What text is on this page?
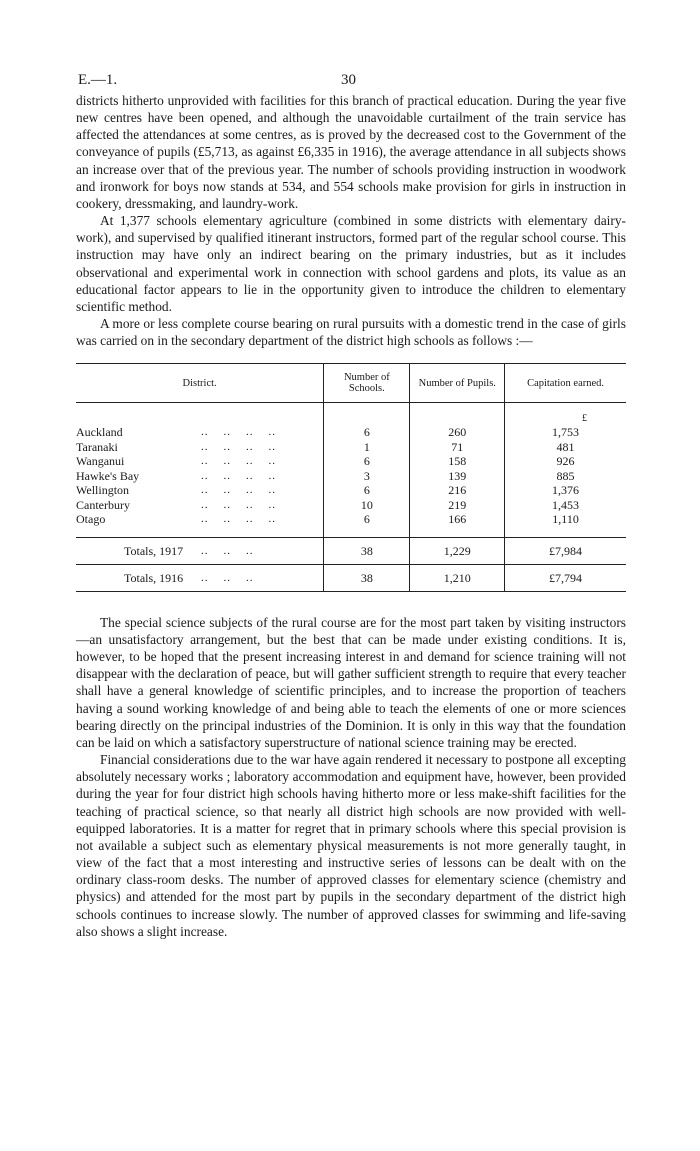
E.—1.	30

districts hitherto unprovided with facilities for this branch of practical education. During the year five new centres have been opened, and although the unavoidable curtailment of the train service has affected the attendances at some centres, as is proved by the decreased cost to the Government of the conveyance of pupils (£5,713, as against £6,335 in 1916), the average attendance in all subjects shows an increase over that of the previous year. The number of schools providing instruction in woodwork and ironwork for boys now stands at 534, and 554 schools make provision for girls in instruction in cookery, dressmaking, and laundry-work.

At 1,377 schools elementary agriculture (combined in some districts with elementary dairy-work), and supervised by qualified itinerant instructors, formed part of the regular school course. This instruction may have only an indirect bearing on the primary industries, but as it includes observational and experimental work in connection with school gardens and plots, its value as an educational factor appears to lie in the opportunity given to introduce the children to elementary scientific method.

A more or less complete course bearing on rural pursuits with a domestic trend in the case of girls was carried on in the secondary department of the district high schools as follows :—

District.	Number of Schools.	Number of Pupils.	Capitation earned.

			£
Auckland ..    ..    ..    ..	6	260	1,753
Taranaki ..    ..    ..    ..	1	71	481
Wanganui ..    ..    ..    ..	6	158	926
Hawke's Bay ..    ..    ..    ..	3	139	885
Wellington ..    ..    ..    ..	6	216	1,376
Canterbury ..    ..    ..    ..	10	219	1,453
Otago ..    ..    ..    ..	6	166	1,110

Totals, 1917 ..    ..    ..	38	1,229	£7,984
Totals, 1916 ..    ..    ..	38	1,210	£7,794

The special science subjects of the rural course are for the most part taken by visiting instructors—an unsatisfactory arrangement, but the best that can be made under existing conditions. It is, however, to be hoped that the present increasing interest in and demand for science training will not disappear with the declaration of peace, but will gather sufficient strength to require that every teacher shall have a general knowledge of scientific principles, and to increase the proportion of teachers having a sound working knowledge of and being able to teach the elements of one or more sciences bearing directly on the principal industries of the Dominion. It is only in this way that the foundation can be laid on which a satisfactory superstructure of national science training may be erected.

Financial considerations due to the war have again rendered it necessary to postpone all excepting absolutely necessary works ; laboratory accommodation and equipment have, however, been provided during the year for four district high schools having hitherto more or less make-shift facilities for the teaching of practical science, so that nearly all district high schools are now provided with well-equipped laboratories. It is a matter for regret that in primary schools where this special provision is not available a subject such as elementary physical measurements is not more generally taught, in view of the fact that a most interesting and instructive series of lessons can be dealt with on the ordinary class-room desks. The number of approved classes for elementary science (chemistry and physics) and attended for the most part by pupils in the secondary department of the district high schools continues to increase slowly. The number of approved classes for swimming and life-saving also shows a slight increase.
